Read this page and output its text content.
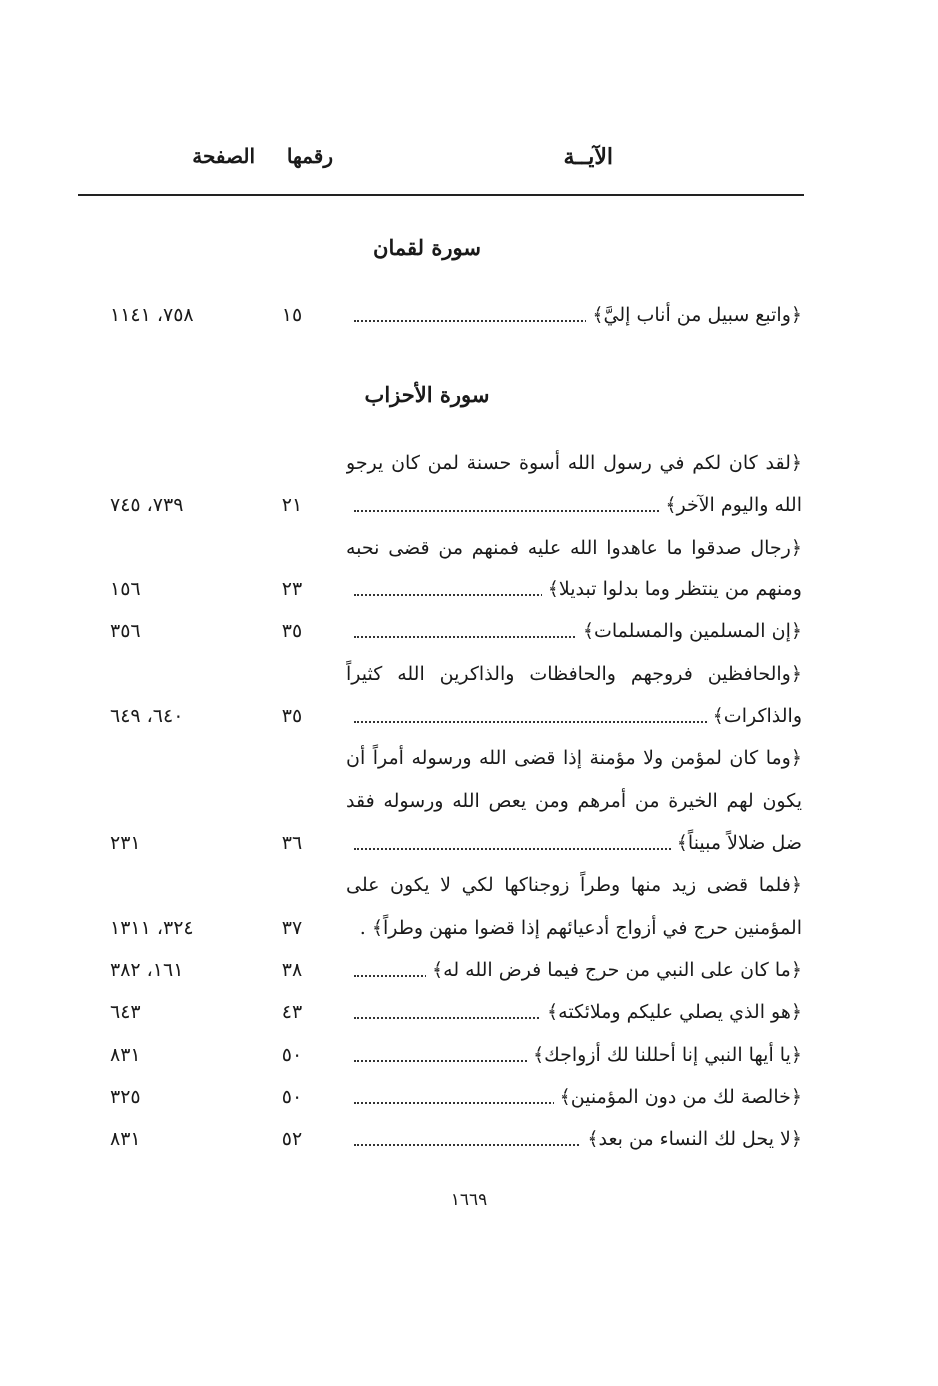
الآيــة
رقمها
الصفحة
سورة لقمان
﴿واتبع سبيل من أناب إليَّ﴾
١٥
٧٥٨، ١١٤١
سورة الأحزاب
﴿لقد كان لكم في رسول الله أسوة حسنة لمن كان يرجو
الله واليوم الآخر﴾
٢١
٧٣٩، ٧٤٥
﴿رجال صدقوا ما عاهدوا الله عليه فمنهم من قضى نحبه
ومنهم من ينتظر وما بدلوا تبديلا﴾
٢٣
١٥٦
﴿إن المسلمين والمسلمات﴾
٣٥
٣٥٦
﴿والحافظين فروجهم والحافظات والذاكرين الله كثيراً
والذاكرات﴾
٣٥
٦٤٠، ٦٤٩
﴿وما كان لمؤمن ولا مؤمنة إذا قضى الله ورسوله أمراً أن
يكون لهم الخيرة من أمرهم ومن يعص الله ورسوله فقد
ضل ضلالاً مبيناً﴾
٣٦
٢٣١
﴿فلما قضى زيد منها وطراً زوجناكها لكي لا يكون على
المؤمنين حرج في أزواج أدعيائهم إذا قضوا منهن وطراً﴾ .
٣٧
٣٢٤، ١٣١١
﴿ما كان على النبي من حرج فيما فرض الله له﴾
٣٨
١٦١، ٣٨٢
﴿هو الذي يصلي عليكم وملائكته﴾
٤٣
٦٤٣
﴿يا أيها النبي إنا أحللنا لك أزواجك﴾
٥٠
٨٣١
﴿خالصة لك من دون المؤمنين﴾
٥٠
٣٢٥
﴿لا يحل لك النساء من بعد﴾
٥٢
٨٣١
١٦٦٩
